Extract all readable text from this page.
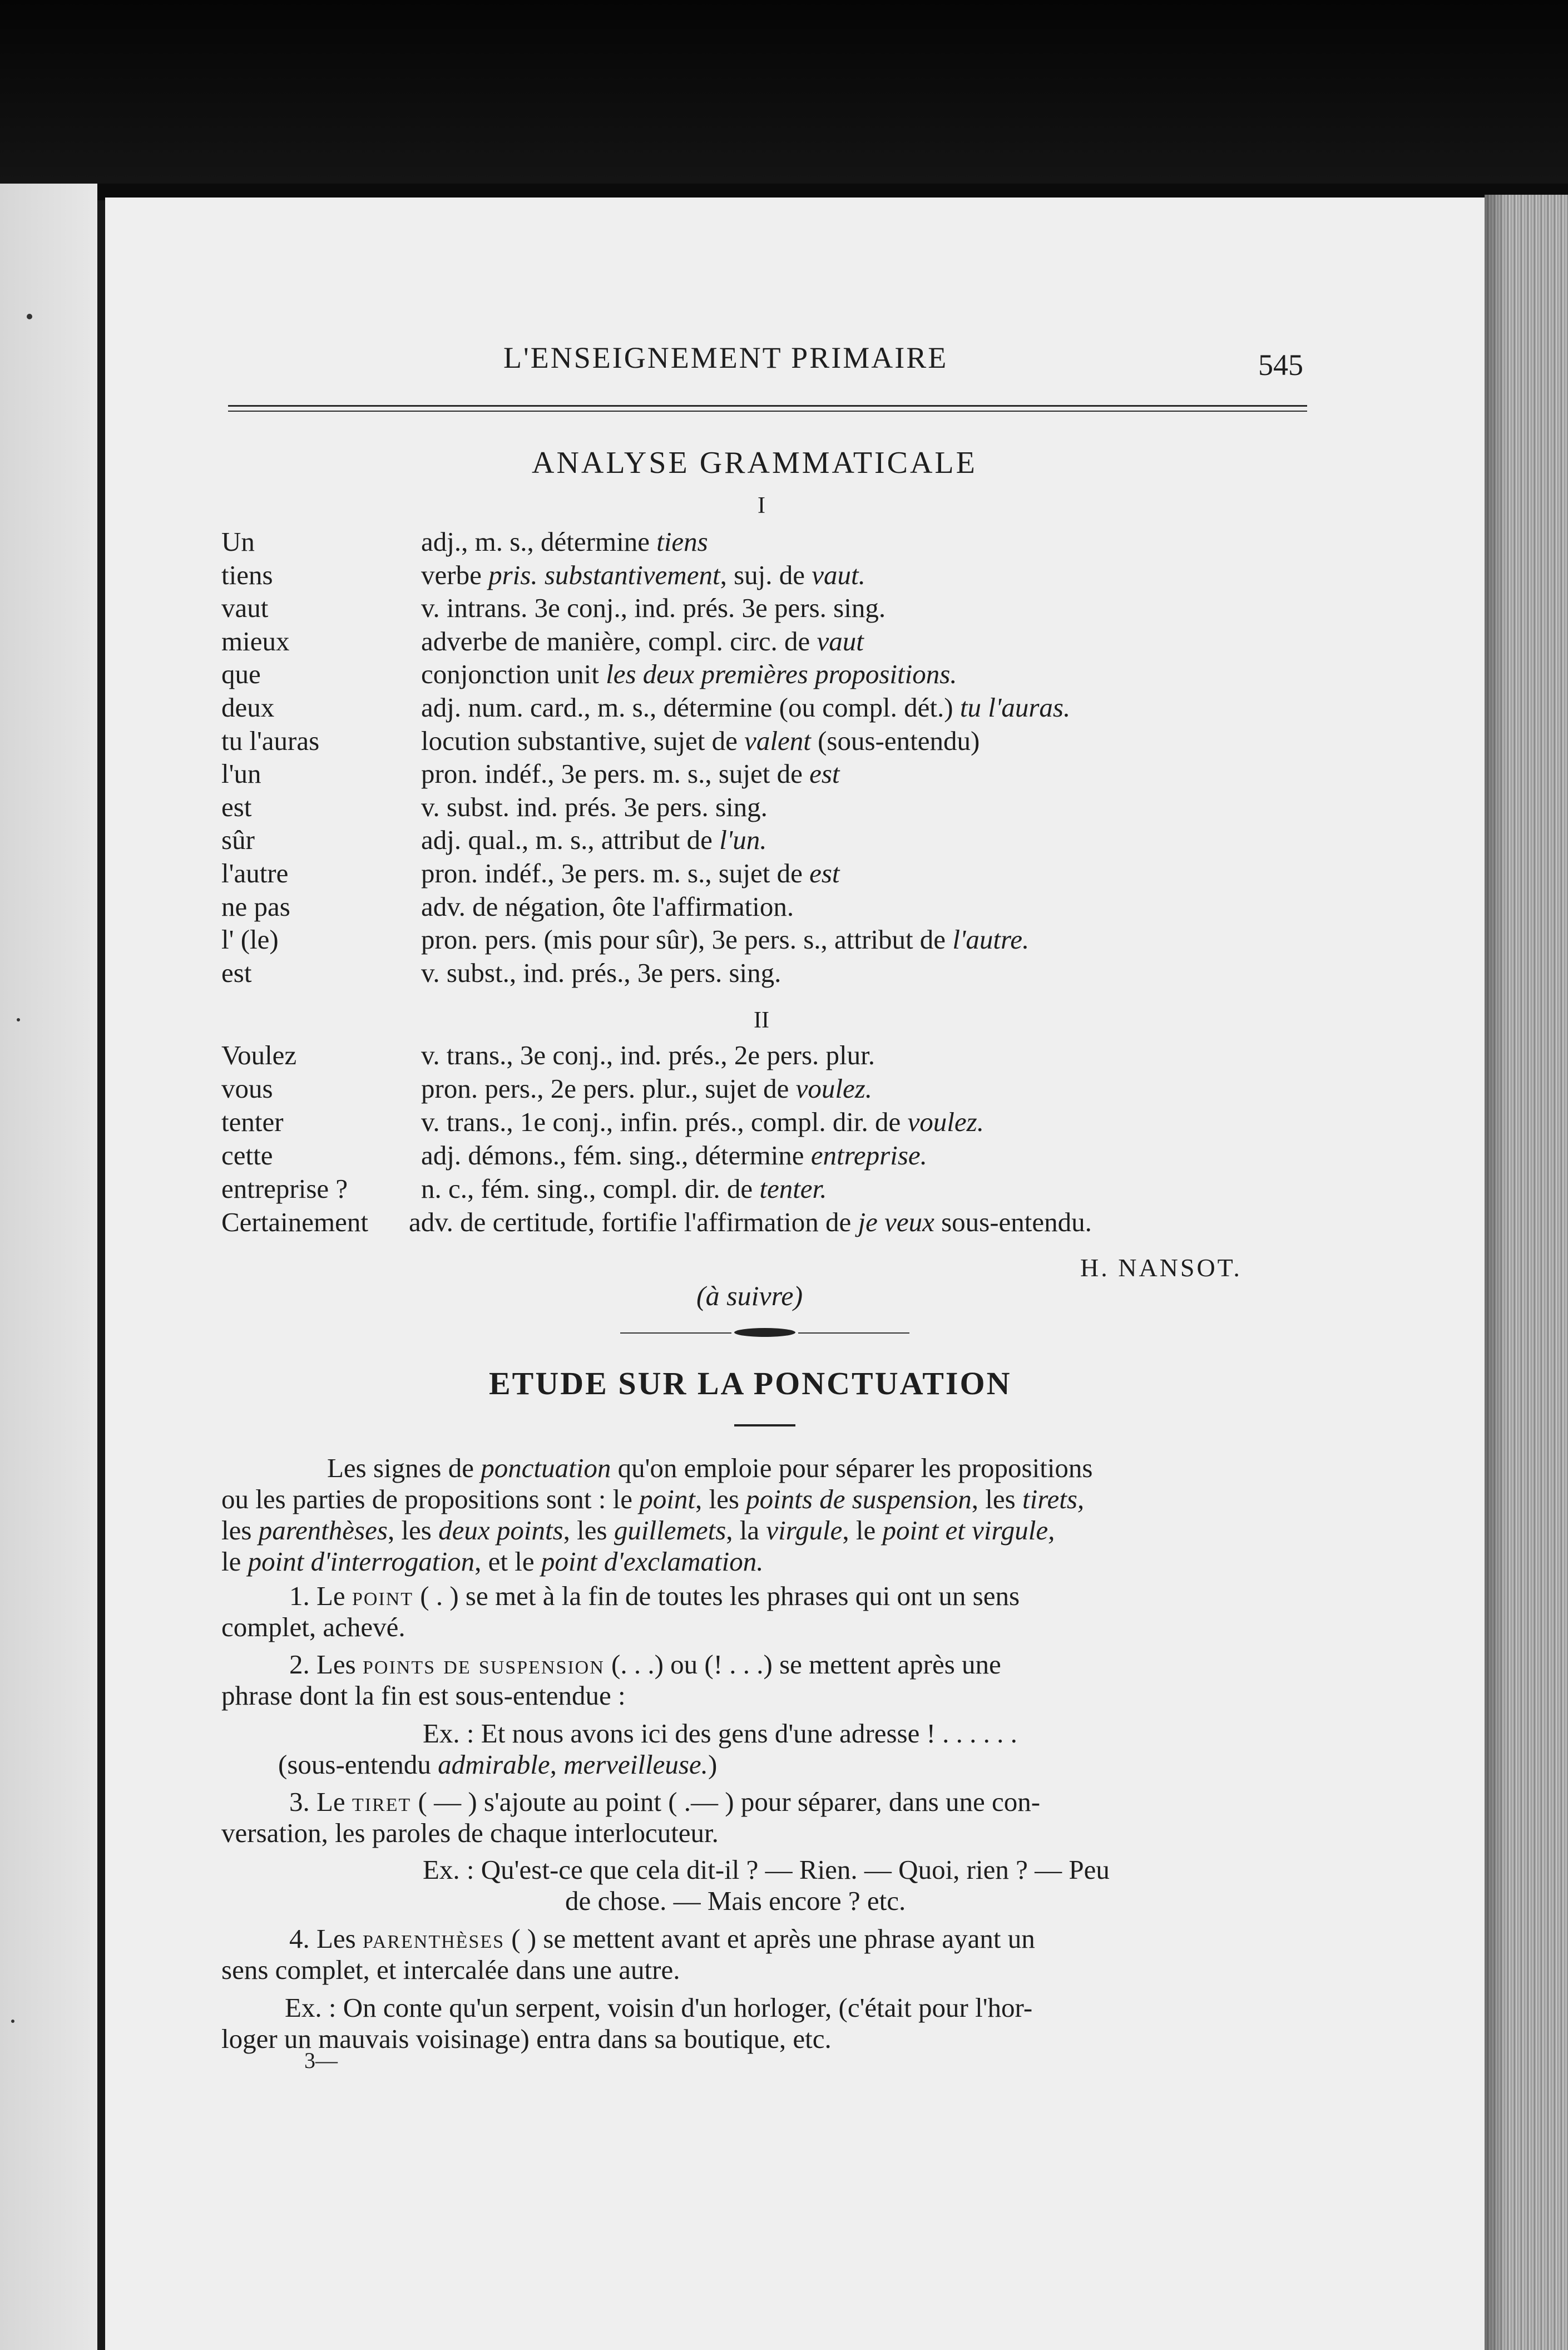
L'ENSEIGNEMENT PRIMAIRE	545
ANALYSE GRAMMATICALE
I
Un	adj., m. s., détermine tiens
tiens	verbe pris. substantivement, suj. de vaut.
vaut	v. intrans. 3e conj., ind. prés. 3e pers. sing.
mieux	adverbe de manière, compl. circ. de vaut
que	conjonction unit les deux premières propositions.
deux	adj. num. card., m. s., détermine (ou compl. dét.) tu l'auras.
tu l'auras	locution substantive, sujet de valent (sous-entendu)
l'un	pron. indéf., 3e pers. m. s., sujet de est
est	v. subst. ind. prés. 3e pers. sing.
sûr	adj. qual., m. s., attribut de l'un.
l'autre	pron. indéf., 3e pers. m. s., sujet de est
ne pas	adv. de négation, ôte l'affirmation.
l' (le)	pron. pers. (mis pour sûr), 3e pers. s., attribut de l'autre.
est	v. subst., ind. prés., 3e pers. sing.
II
Voulez	v. trans., 3e conj., ind. prés., 2e pers. plur.
vous	pron. pers., 2e pers. plur., sujet de voulez.
tenter	v. trans., 1e conj., infin. prés., compl. dir. de voulez.
cette	adj. démons., fém. sing., détermine entreprise.
entreprise ?	n. c., fém. sing., compl. dir. de tenter.
Certainement adv. de certitude, fortifie l'affirmation de je veux sous-entendu.
H. NANSOT.
(à suivre)
ETUDE SUR LA PONCTUATION
Les signes de ponctuation qu'on emploie pour séparer les propositions
ou les parties de propositions sont : le point, les points de suspension, les tirets,
les parenthèses, les deux points, les guillemets, la virgule, le point et virgule,
le point d'interrogation, et le point d'exclamation.
1. Le point ( . ) se met à la fin de toutes les phrases qui ont un sens
complet, achevé.
2. Les points de suspension (. . .) ou (! . . .) se mettent après une
phrase dont la fin est sous-entendue :
Ex. : Et nous avons ici des gens d'une adresse ! . . . . . .
(sous-entendu admirable, merveilleuse.)
3. Le tiret ( — ) s'ajoute au point ( .— ) pour séparer, dans une con-
versation, les paroles de chaque interlocuteur.
Ex. : Qu'est-ce que cela dit-il ? — Rien. — Quoi, rien ? — Peu
de chose. — Mais encore ? etc.
4. Les parenthèses ( ) se mettent avant et après une phrase ayant un
sens complet, et intercalée dans une autre.
Ex. : On conte qu'un serpent, voisin d'un horloger, (c'était pour l'hor-
loger un mauvais voisinage) entra dans sa boutique, etc.
3—
